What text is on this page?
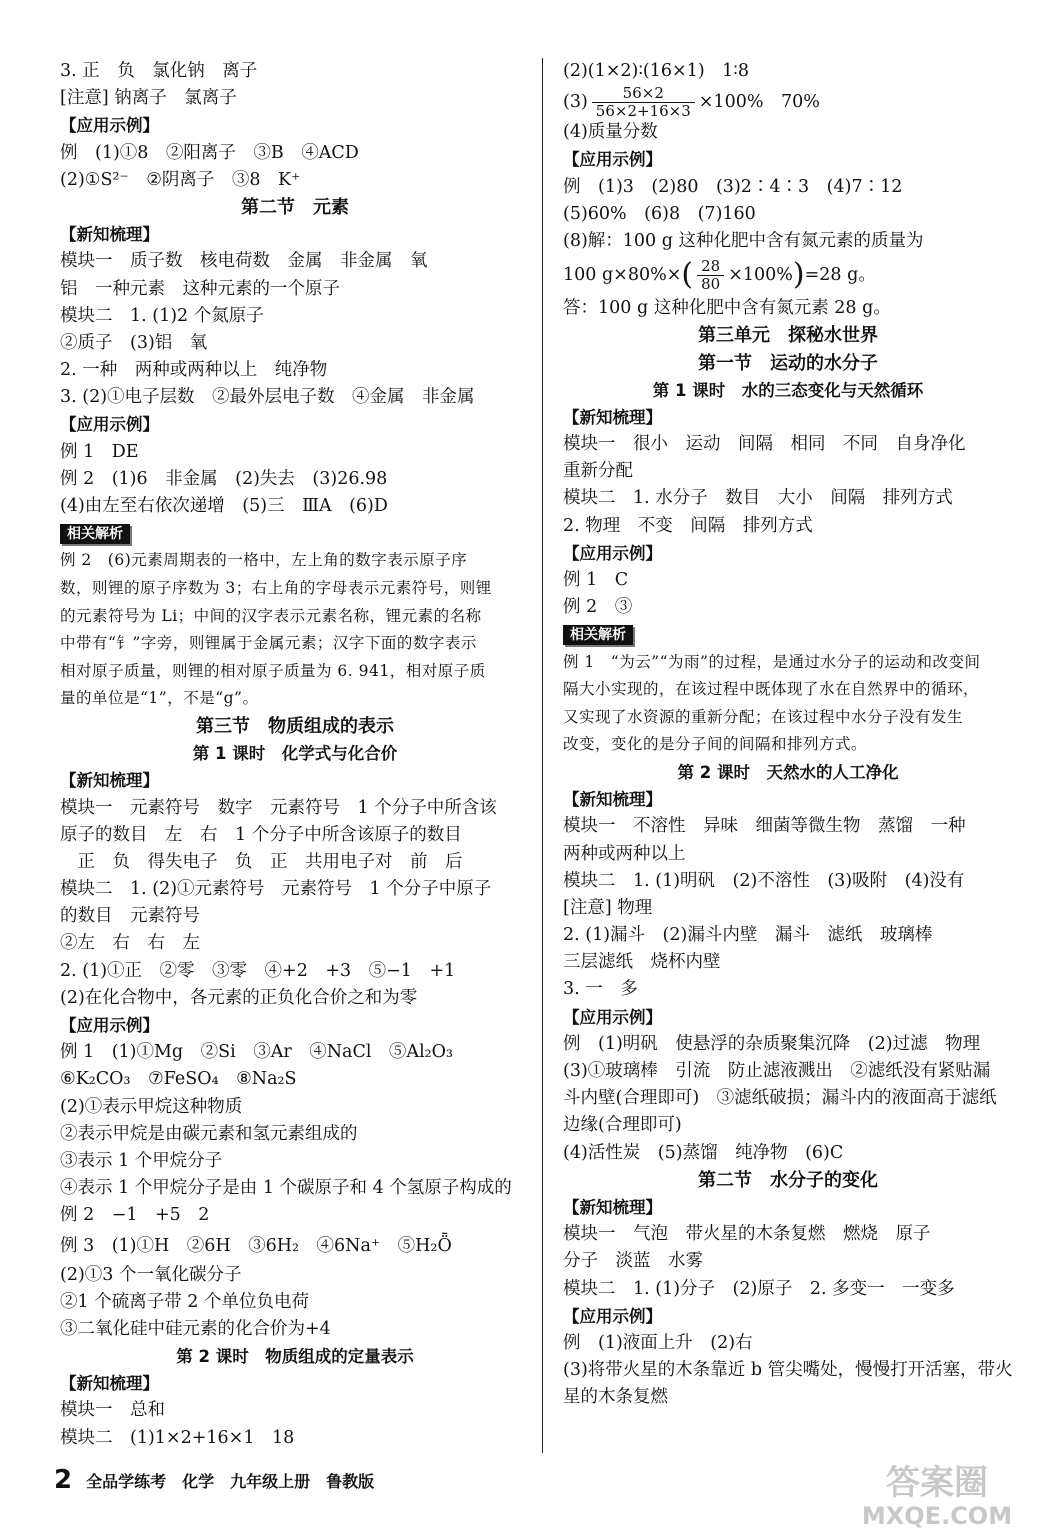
3. 正　负　氯化钠　离子
[注意] 钠离子　氯离子
【应用示例】
例　(1)①8　②阳离子　③B　④ACD
(2)①S²⁻　②阴离子　③8　K⁺
第二节　元素
【新知梳理】
模块一　质子数　核电荷数　金属　非金属　氧
铝　一种元素　这种元素的一个原子
模块二　1. (1)2 个氮原子
②质子　(3)铝　氧
2. 一种　两种或两种以上　纯净物
3. (2)①电子层数　②最外层电子数　④金属　非金属
【应用示例】
例 1　DE
例 2　(1)6　非金属　(2)失去　(3)26.98
(4)由左至右依次递增　(5)三　ⅢA　(6)D
相关解析
例 2　(6)元素周期表的一格中，左上角的数字表示原子序
数，则锂的原子序数为 3；右上角的字母表示元素符号，则锂
的元素符号为 Li；中间的汉字表示元素名称，锂元素的名称
中带有“钅”字旁，则锂属于金属元素；汉字下面的数字表示
相对原子质量，则锂的相对原子质量为 6. 941，相对原子质
量的单位是“1”，不是“g”。
第三节　物质组成的表示
第 1 课时　化学式与化合价
【新知梳理】
模块一　元素符号　数字　元素符号　1 个分子中所含该
原子的数目　左　右　1 个分子中所含该原子的数目
　正　负　得失电子　负　正　共用电子对　前　后
模块二　1. (2)①元素符号　元素符号　1 个分子中原子
的数目　元素符号
②左　右　右　左
2. (1)①正　②零　③零　④+2　+3　⑤−1　+1
(2)在化合物中，各元素的正负化合价之和为零
【应用示例】
例 1　(1)①Mg　②Si　③Ar　④NaCl　⑤Al₂O₃
⑥K₂CO₃　⑦FeSO₄　⑧Na₂S
(2)①表示甲烷这种物质
②表示甲烷是由碳元素和氢元素组成的
③表示 1 个甲烷分子
④表示 1 个甲烷分子是由 1 个碳原子和 4 个氢原子构成的
例 2　−1　+5　2
例 3　(1)①H　②6H　③6H₂　④6Na⁺　⑤H₂Ȫ
(2)①3 个一氧化碳分子
②1 个硫离子带 2 个单位负电荷
③二氧化硅中硅元素的化合价为+4
第 2 课时　物质组成的定量表示
【新知梳理】
模块一　总和
模块二　(1)1×2+16×1　18
(2)(1×2)∶(16×1)　1∶8
$(3) \frac{56\times 2}{56\times 2+16\times 3} \times 100\%$　70%
(4)质量分数
【应用示例】
例　(1)3　(2)80　(3)2∶4∶3　(4)7∶12
(5)60%　(6)8　(7)160
(8)解：100 g 这种化肥中含有氮元素的质量为
100 g×80%× ( $\frac{28}{80} \times 100\%$ ) =28 g。
答：100 g 这种化肥中含有氮元素 28 g。
第三单元　探秘水世界
第一节　运动的水分子
第 1 课时　水的三态变化与天然循环
【新知梳理】
模块一　很小　运动　间隔　相同　不同　自身净化
重新分配
模块二　1. 水分子　数目　大小　间隔　排列方式
2. 物理　不变　间隔　排列方式
【应用示例】
例 1　C
例 2　③
相关解析
例 1　“为云”“为雨”的过程，是通过水分子的运动和改变间
隔大小实现的，在该过程中既体现了水在自然界中的循环，
又实现了水资源的重新分配；在该过程中水分子没有发生
改变，变化的是分子间的间隔和排列方式。
第 2 课时　天然水的人工净化
【新知梳理】
模块一　不溶性　异味　细菌等微生物　蒸馏　一种
两种或两种以上
模块二　1. (1)明矾　(2)不溶性　(3)吸附　(4)没有
[注意] 物理
2. (1)漏斗　(2)漏斗内壁　漏斗　滤纸　玻璃棒
三层滤纸　烧杯内壁
3. 一　多
【应用示例】
例　(1)明矾　使悬浮的杂质聚集沉降　(2)过滤　物理
(3)①玻璃棒　引流　防止滤液溅出　②滤纸没有紧贴漏
斗内壁(合理即可)　③滤纸破损；漏斗内的液面高于滤纸
边缘(合理即可)
(4)活性炭　(5)蒸馏　纯净物　(6)C
第二节　水分子的变化
【新知梳理】
模块一　气泡　带火星的木条复燃　燃烧　原子
分子　淡蓝　水雾
模块二　1. (1)分子　(2)原子　2. 多变一　一变多
【应用示例】
例　(1)液面上升　(2)右
(3)将带火星的木条靠近 b 管尖嘴处，慢慢打开活塞，带火
星的木条复燃
2 全品学练考 化学 九年级上册 鲁教版	答案圈
MXQE.COM
